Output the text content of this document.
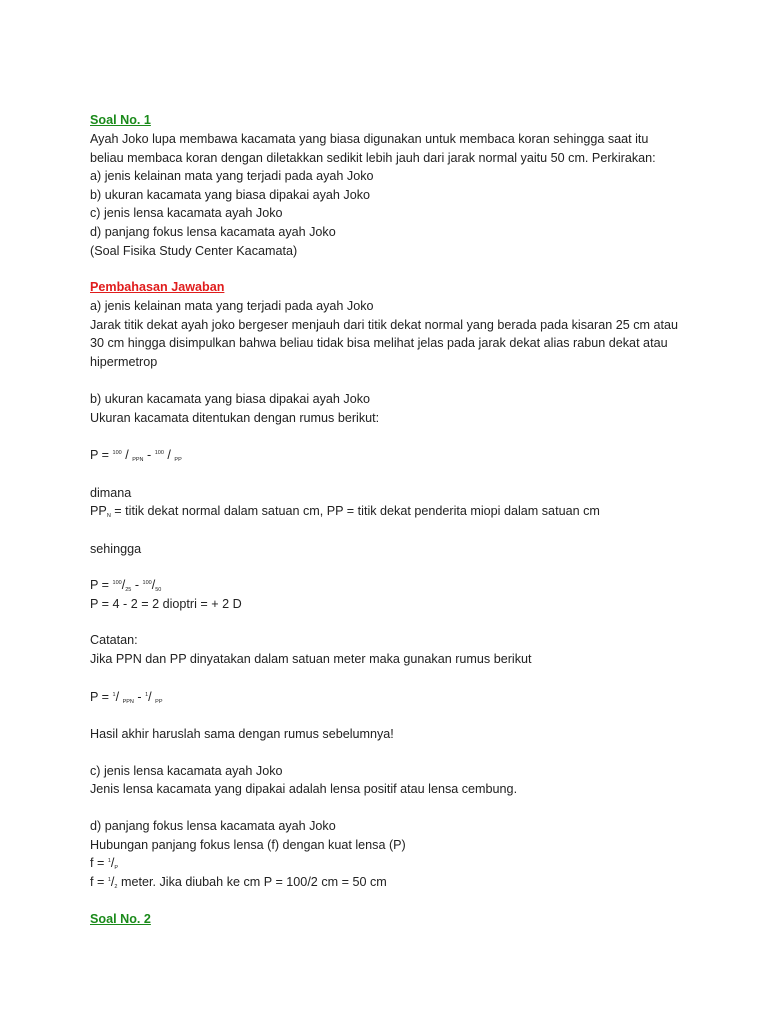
Soal No. 1
Ayah Joko lupa membawa kacamata yang biasa digunakan untuk membaca koran sehingga saat itu
beliau membaca koran dengan diletakkan sedikit lebih jauh dari jarak normal yaitu 50 cm. Perkirakan:
a) jenis kelainan mata yang terjadi pada ayah Joko
b) ukuran kacamata yang biasa dipakai ayah Joko
c) jenis lensa kacamata ayah Joko
d) panjang fokus lensa kacamata ayah Joko
(Soal Fisika Study Center Kacamata)
Pembahasan Jawaban
a) jenis kelainan mata yang terjadi pada ayah Joko
Jarak titik dekat ayah joko bergeser menjauh dari titik dekat normal yang berada pada kisaran 25 cm atau
30 cm hingga disimpulkan bahwa beliau tidak bisa melihat jelas pada jarak dekat alias rabun dekat atau
hipermetrop
b) ukuran kacamata yang biasa dipakai ayah Joko
Ukuran kacamata ditentukan dengan rumus berikut:
P = $^{100}$ / PPN - $^{100}$ / PP
dimana
PPN = titik dekat normal dalam satuan cm, PP = titik dekat penderita miopi dalam satuan cm
sehingga
P = $^{100}$/25 - $^{100}$/50
P = 4 - 2 = 2 dioptri = + 2 D
Catatan:
Jika PPN dan PP dinyatakan dalam satuan meter maka gunakan rumus berikut
P = $^1$/ PPN - $^1$/ PP
Hasil akhir haruslah sama dengan rumus sebelumnya!
c) jenis lensa kacamata ayah Joko
Jenis lensa kacamata yang dipakai adalah lensa positif atau lensa cembung.
d) panjang fokus lensa kacamata ayah Joko
Hubungan panjang fokus lensa (f) dengan kuat lensa (P)
f = $^1$/P
f = $^1$/2 meter. Jika diubah ke cm P = 100/2 cm = 50 cm
Soal No. 2
